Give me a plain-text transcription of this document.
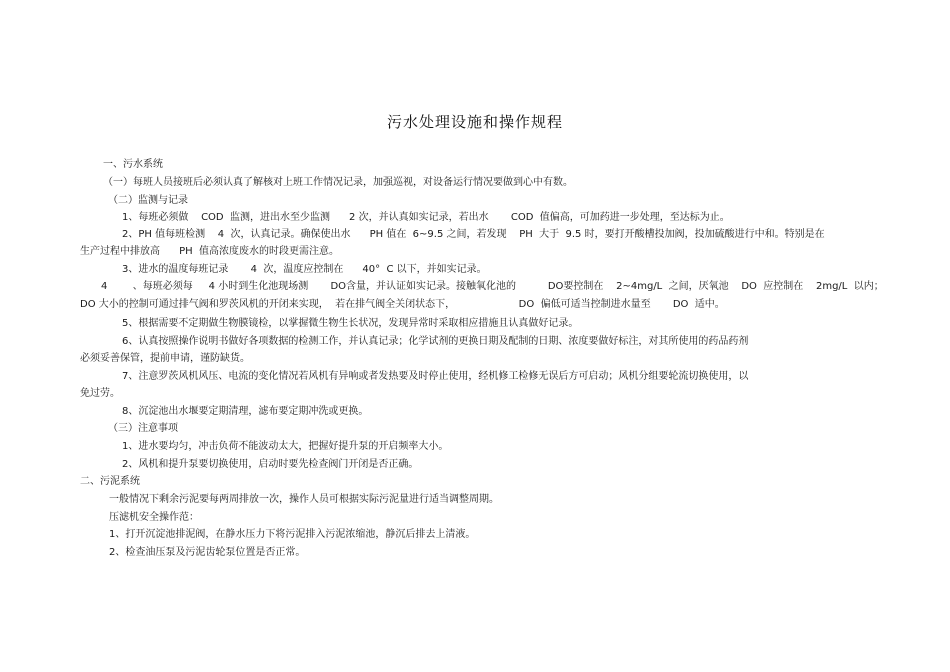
污水处理设施和操作规程
一、污水系统
（一）每班人员接班后必须认真了解核对上班工作情况记录，加强巡视，对设备运行情况要做到心中有数。
（二）监测与记录
1、每班必须做    COD  监测，进出水至少监测      2 次，并认真如实记录，若出水       COD  值偏高，可加药进一步处理，至达标为止。
2、PH 值每班检测    4  次，认真记录。确保使出水      PH 值在  6~9.5 之间，若发现    PH  大于  9.5 时，要打开酸槽投加阀，投加硫酸进行中和。特别是在
生产过程中排放高      PH  值高浓度废水的时段更需注意。
3、进水的温度每班记录       4  次，温度应控制在      40°  C 以下，并如实记录。
4        、每班必须每     4 小时到生化池现场测       DO含量，并认证如实记录。接触氧化池的          DO要控制在    2~4mg/L  之间，厌氧池    DO  应控制在    2mg/L  以内；
DO 大小的控制可通过排气阀和罗茨风机的开闭来实现，  若在排气阀全关闭状态下，                    DO  偏低可适当控制进水量至       DO  适中。
5、根据需要不定期做生物膜镜检，以掌握微生物生长状况，发现异常时采取相应措施且认真做好记录。
6、认真按照操作说明书做好各项数据的检测工作，并认真记录；化学试剂的更换日期及配制的日期、浓度要做好标注，对其所使用的药品药剂
必须妥善保管，提前申请，谨防缺货。
7、注意罗茨风机风压、电流的变化情况若风机有异响或者发热要及时停止使用，经机修工检修无误后方可启动；风机分组要轮流切换使用，以
免过劳。
8、沉淀池出水堰要定期清理，滤布要定期冲洗或更换。
（三）注意事项
1、进水要均匀，冲击负荷不能波动太大，把握好提升泵的开启频率大小。
2、风机和提升泵要切换使用，启动时要先检查阀门开闭是否正确。
二、污泥系统
一般情况下剩余污泥要每两周排放一次，操作人员可根据实际污泥量进行适当调整周期。
压滤机安全操作范：
1、打开沉淀池排泥阀，在静水压力下将污泥排入污泥浓缩池，静沉后排去上清液。
2、检查油压泵及污泥齿轮泵位置是否正常。
